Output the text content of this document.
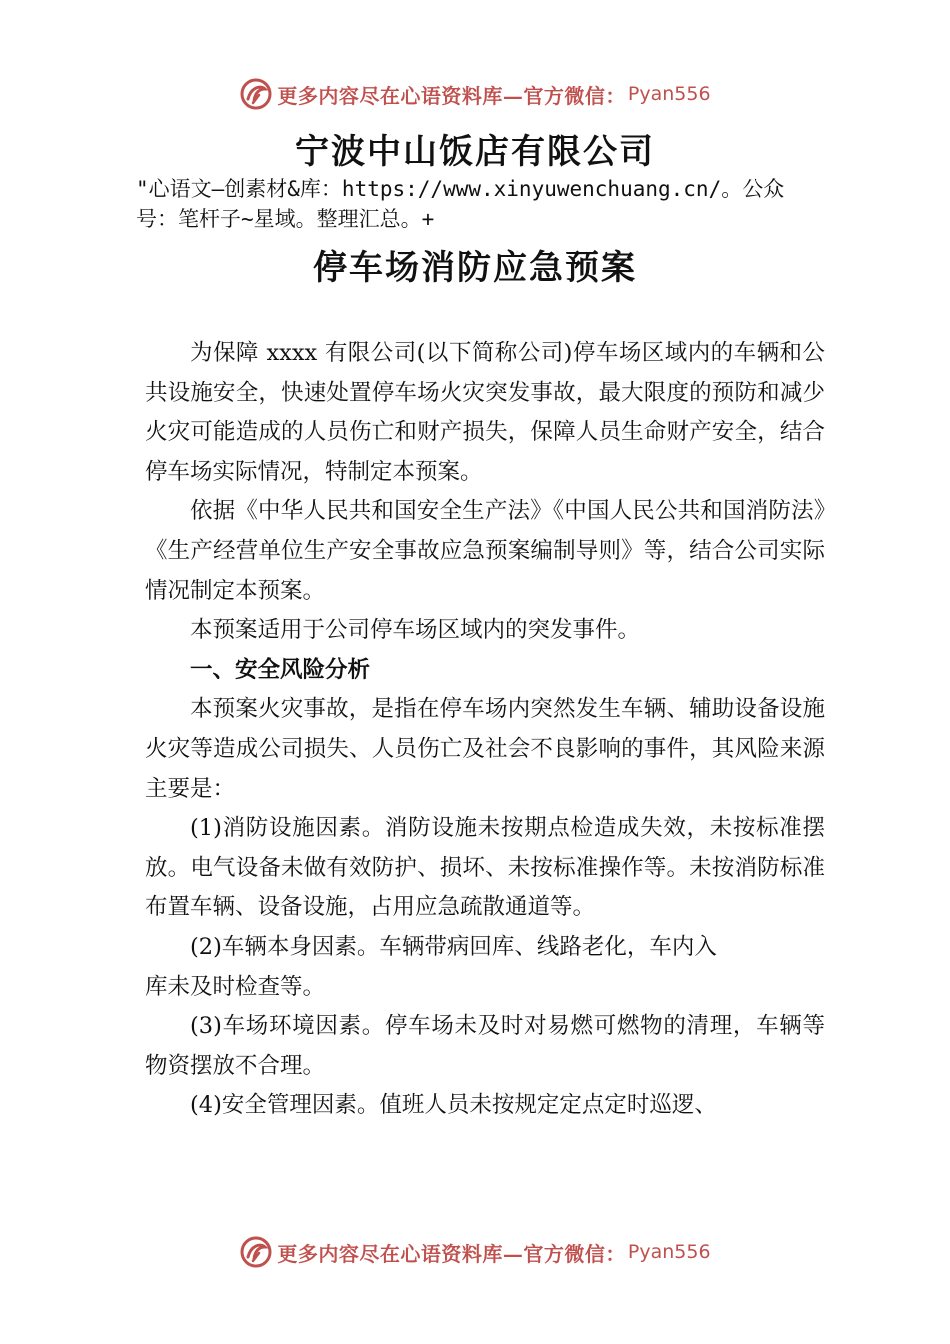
更多内容尽在心语资料库—官方微信： Pyan556
宁波中山饭店有限公司
"心语文—创素材&库：https://www.xinyuwenchuang.cn/。公众号：笔杆子~星域。整理汇总。+
停车场消防应急预案

为保障 xxxx 有限公司(以下简称公司)停车场区域内的车辆和公共设施安全，快速处置停车场火灾突发事故，最大限度的预防和减少火灾可能造成的人员伤亡和财产损失，保障人员生命财产安全，结合停车场实际情况，特制定本预案。

依据《中华人民共和国安全生产法》《中国人民公共和国消防法》《生产经营单位生产安全事故应急预案编制导则》等，结合公司实际情况制定本预案。

本预案适用于公司停车场区域内的突发事件。

一、安全风险分析

本预案火灾事故，是指在停车场内突然发生车辆、辅助设备设施火灾等造成公司损失、人员伤亡及社会不良影响的事件，其风险来源主要是：

(1)消防设施因素。消防设施未按期点检造成失效，未按标准摆放。电气设备未做有效防护、损坏、未按标准操作等。未按消防标准布置车辆、设备设施，占用应急疏散通道等。

(2)车辆本身因素。车辆带病回库、线路老化，车内入

库未及时检查等。

(3)车场环境因素。停车场未及时对易燃可燃物的清理，车辆等物资摆放不合理。

(4)安全管理因素。值班人员未按规定定点定时巡逻、

更多内容尽在心语资料库—官方微信： Pyan556
